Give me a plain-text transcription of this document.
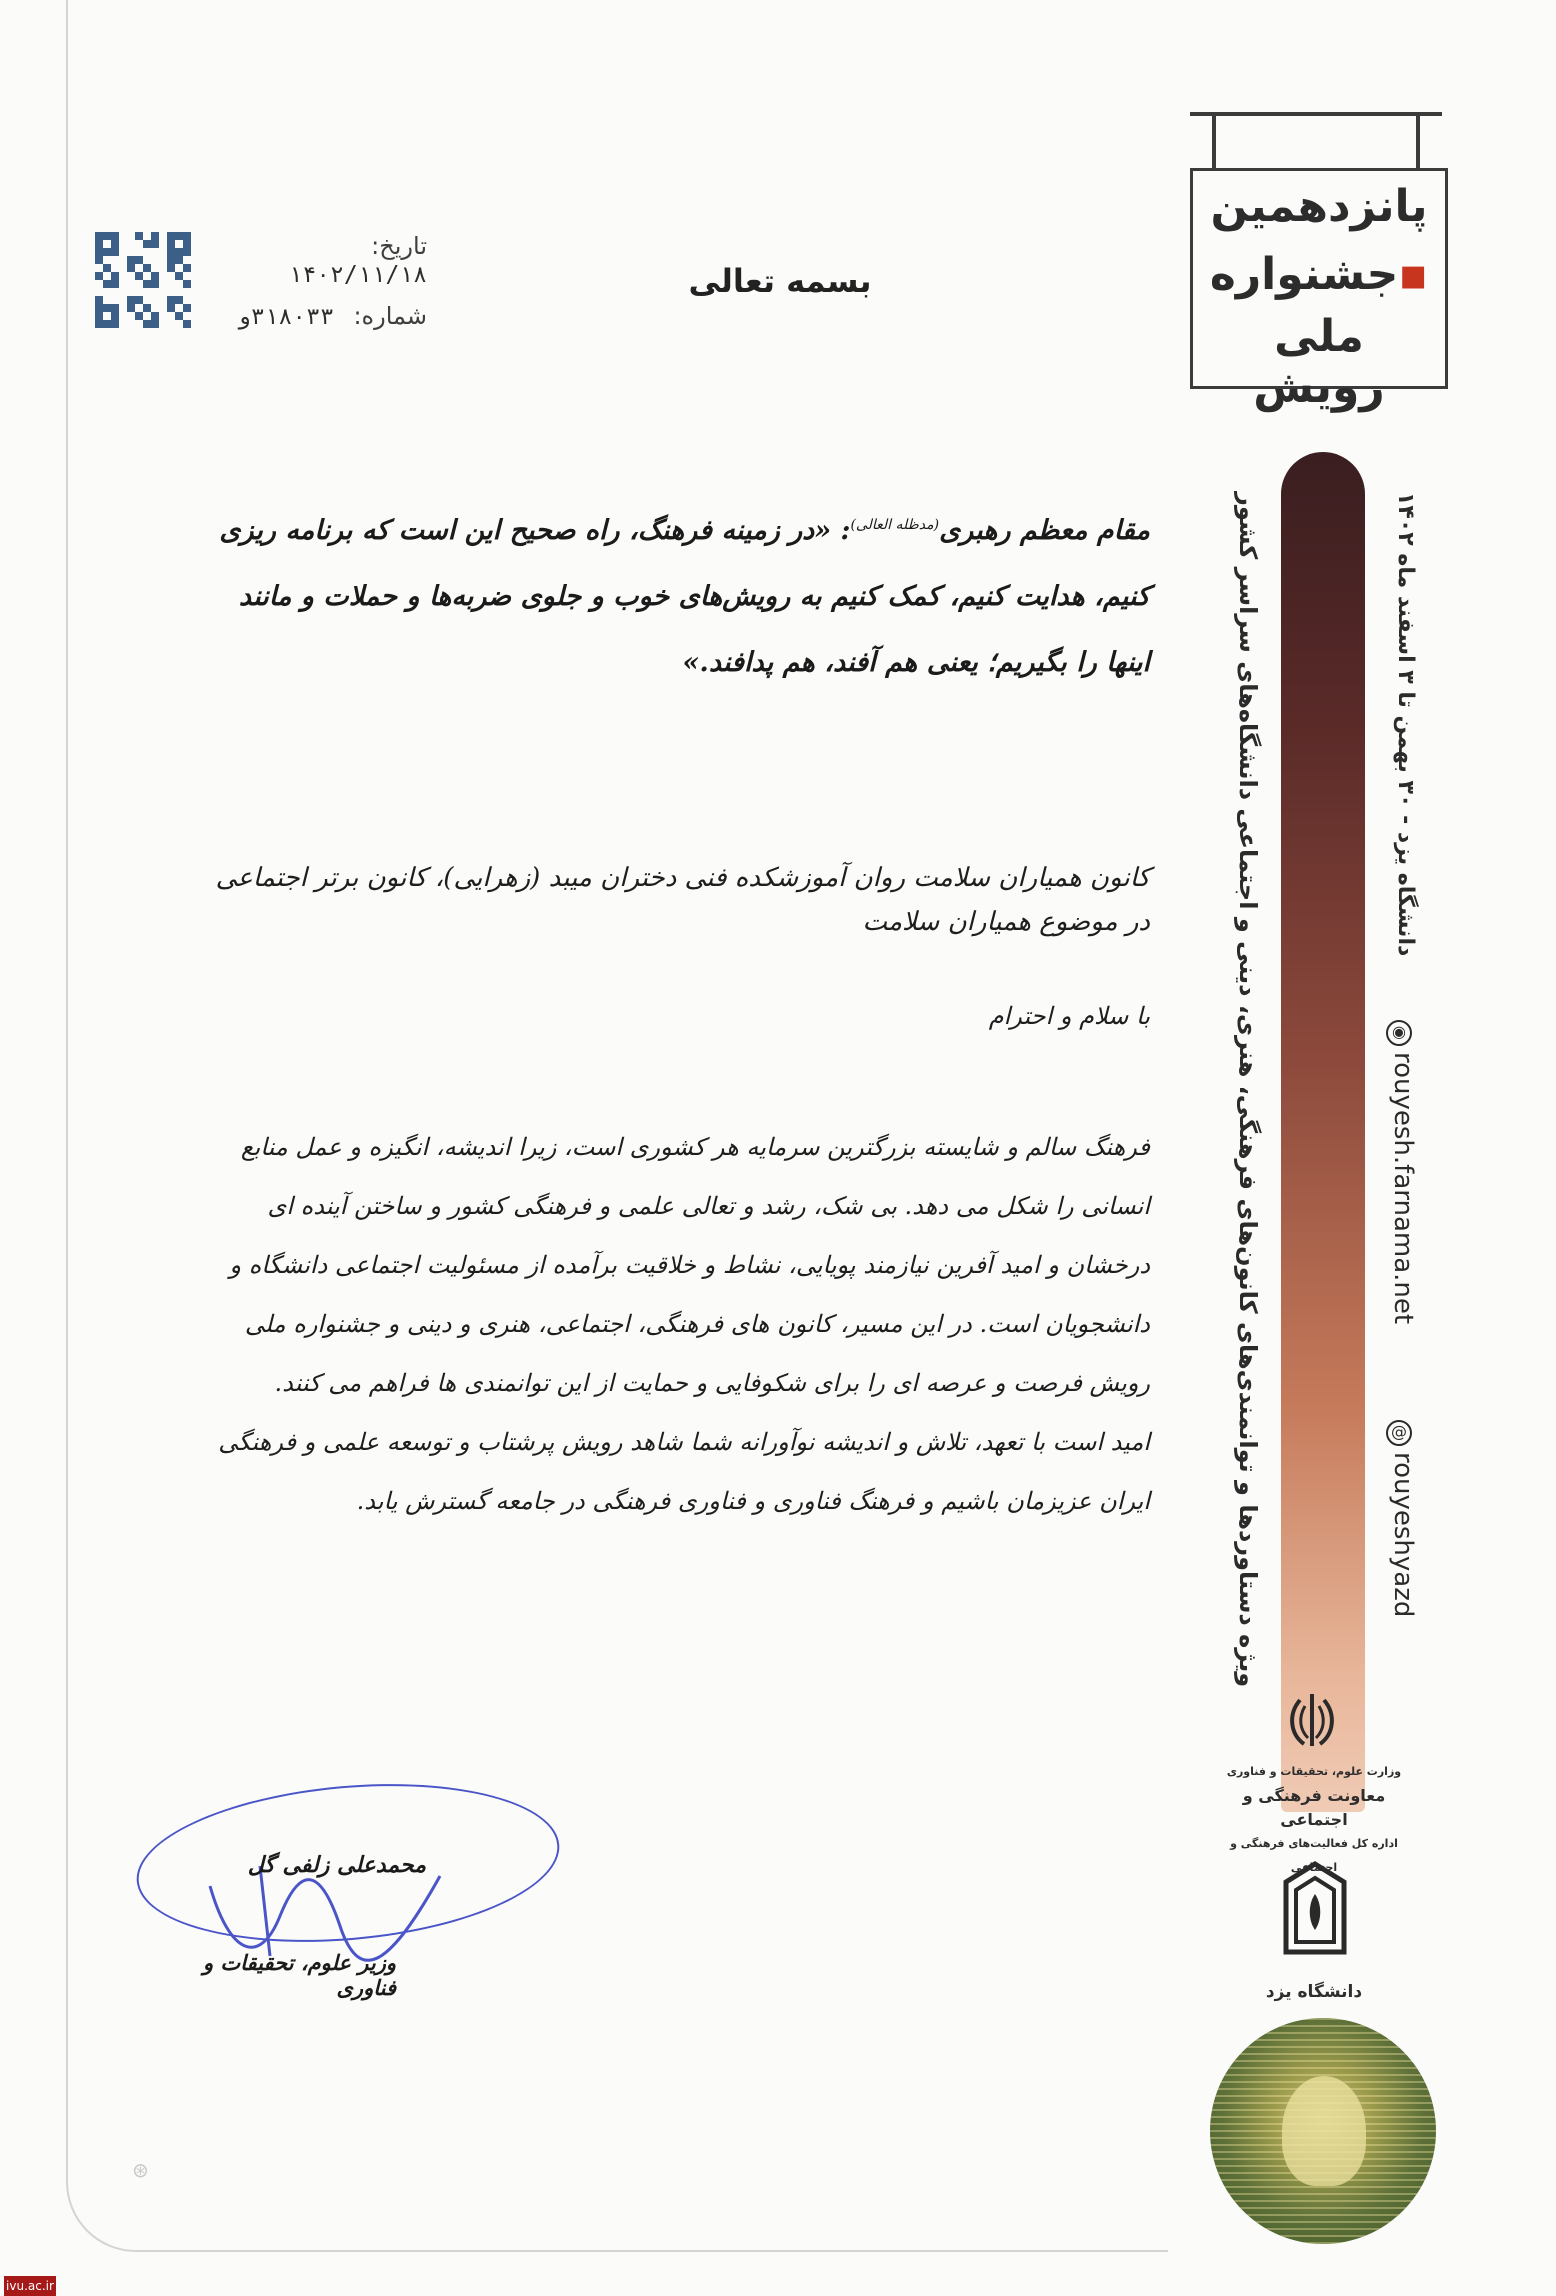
تاریخ: ۱۴۰۲/۱۱/۱۸
شماره: ۳۱۸۰۳۳و
بسمه تعالی
مقام معظم رهبری$^{(مدظله العالی)}$: «در زمینه فرهنگ، راه صحیح این است که برنامه ریزی کنیم، هدایت کنیم، کمک کنیم به رویش‌های خوب و جلوی ضربه‌ها و حملات و مانند اینها را بگیریم؛ یعنی هم آفند، هم پدافند.»
کانون همیاران سلامت روان آموزشکده فنی دختران میبد (زهرایی)، کانون برتر اجتماعی در موضوع همیاران سلامت
با سلام و احترام

فرهنگ سالم و شایسته بزرگترین سرمایه هر کشوری است، زیرا اندیشه، انگیزه و عمل منابع انسانی را شکل می دهد. بی شک، رشد و تعالی علمی و فرهنگی کشور و ساختن آینده ای درخشان و امید آفرین نیازمند پویایی، نشاط و خلاقیت برآمده از مسئولیت اجتماعی دانشگاه و دانشجویان است. در این مسیر، کانون های فرهنگی، اجتماعی، هنری و دینی و جشنواره ملی رویش فرصت و عرصه ای را برای شکوفایی و حمایت از این توانمندی ها فراهم می کنند.

امید است با تعهد، تلاش و اندیشه نوآورانه شما شاهد رویش پرشتاب و توسعه علمی و فرهنگی ایران عزیزمان باشیم و فرهنگ فناوری و فناوری فرهنگی در جامعه گسترش یابد.

محمدعلی زلفی گل
وزیر علوم، تحقیقات و فناوری
⊛
پانزدهمین
▪جشنواره
ملی رویش
ویژه دستاوردها و توانمندی‌های کانون‌های فرهنگی، هنری، دینی و اجتماعی دانشگاه‌های سراسر کشور	دانشگاه یزد - ۳۰ بهمن تا ۳ اسفند ماه ۱۴۰۲
◉rouyesh.farnama.net
@rouyeshyazd
وزارت علوم، تحقیقات و فناوری
معاونت فرهنگی و اجتماعی
اداره کل فعالیت‌های فرهنگی و اجتماعی
دانشگاه یزد
ivu.ac.ir
